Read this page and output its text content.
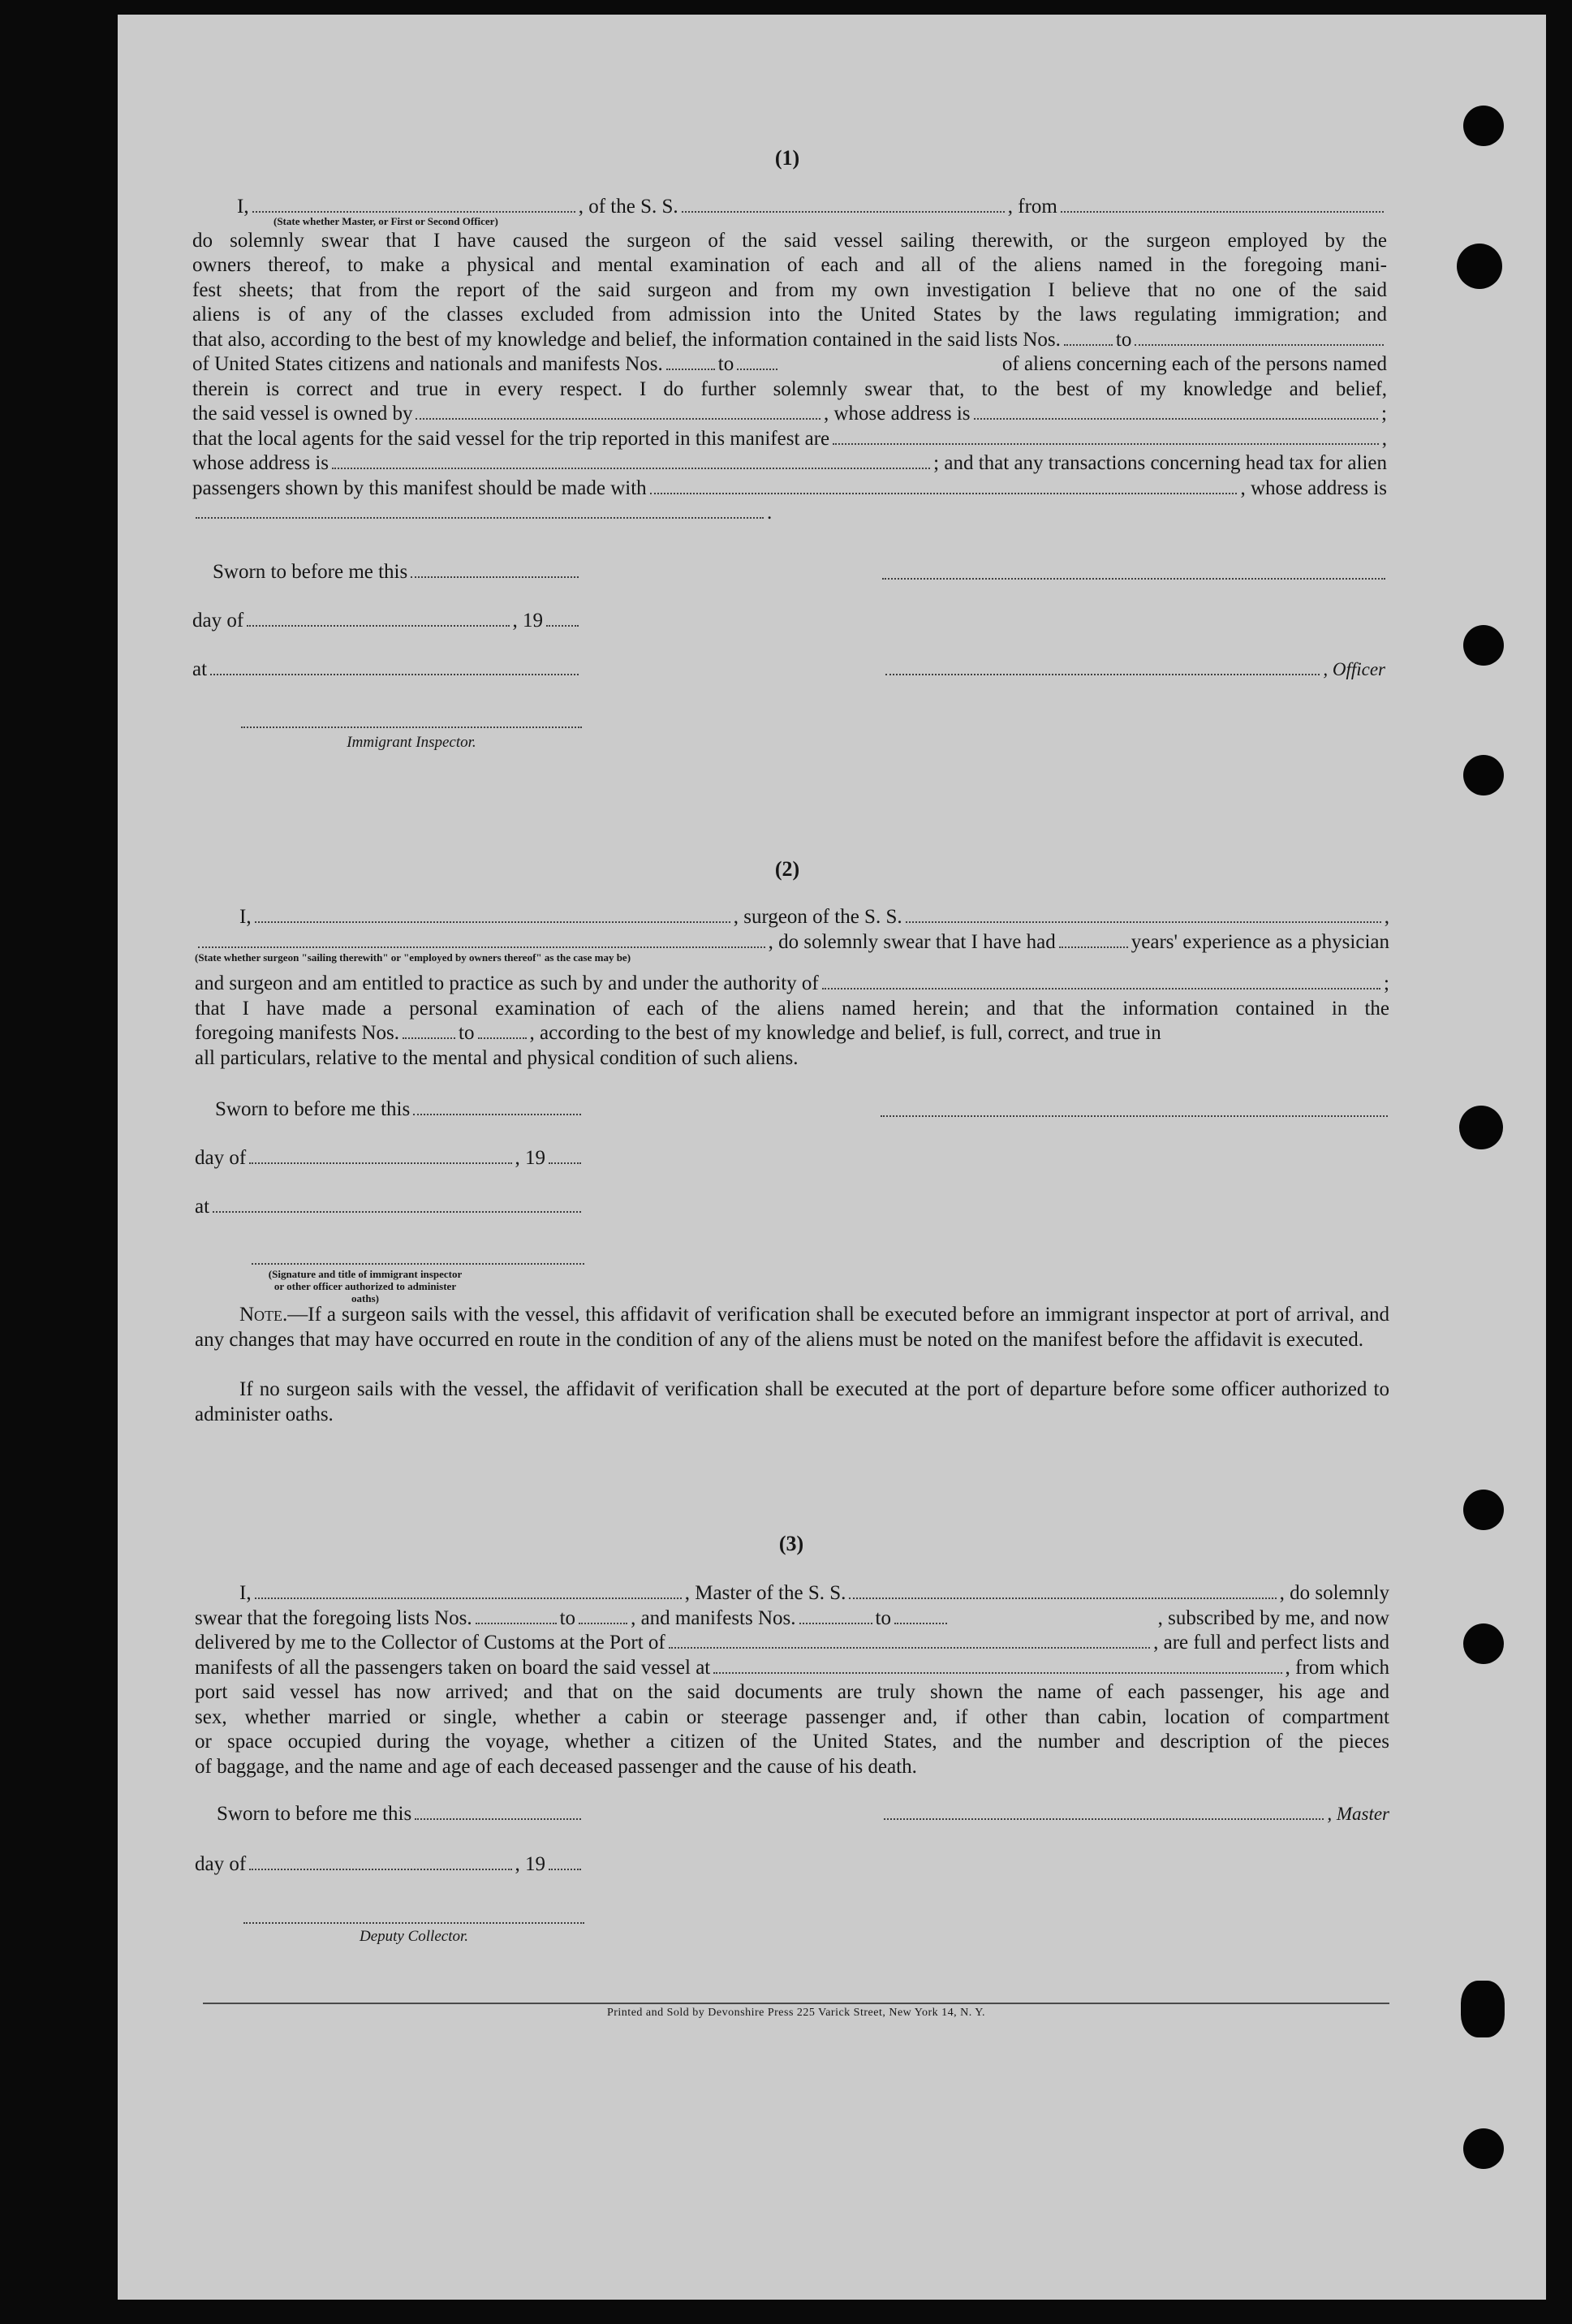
(1)
I,	, of the S. S.	, from
(State whether Master, or First or Second Officer)
do solemnly swear that I have caused the surgeon of the said vessel sailing therewith, or the surgeon employed by the
owners thereof, to make a physical and mental examination of each and all of the aliens named in the foregoing mani-
fest sheets; that from the report of the said surgeon and from my own investigation I believe that no one of the said
aliens is of any of the classes excluded from admission into the United States by the laws regulating immigration; and
that also, according to the best of my knowledge and belief, the information contained in the said lists Nos.	to
of United States citizens and nationals and manifests Nos.	to	of aliens concerning each of the persons named
therein is correct and true in every respect. I do further solemnly swear that, to the best of my knowledge and belief,
the said vessel is owned by	, whose address is	;
that the local agents for the said vessel for the trip reported in this manifest are	,
whose address is	; and that any transactions concerning head tax for alien
passengers shown by this manifest should be made with	, whose address is
.
Sworn to before me this
day of	, 19
at	, Officer
Immigrant Inspector.
(2)
I,	, surgeon of the S. S.	,
, do solemnly swear that I have had	years' experience as a physician
(State whether surgeon "sailing therewith" or "employed by owners thereof" as the case may be)
and surgeon and am entitled to practice as such by and under the authority of	;
that I have made a personal examination of each of the aliens named herein; and that the information contained in the
foregoing manifests Nos.	to	, according to the best of my knowledge and belief, is full, correct, and true in
all particulars, relative to the mental and physical condition of such aliens.
Sworn to before me this
day of	, 19
at
(Signature and title of immigrant inspector or other officer authorized to administer oaths)
Note.—If a surgeon sails with the vessel, this affidavit of verification shall be executed before an immigrant inspector at port of arrival, and any changes that may have occurred en route in the condition of any of the aliens must be noted on the manifest before the affidavit is executed.
If no surgeon sails with the vessel, the affidavit of verification shall be executed at the port of departure before some officer authorized to administer oaths.
(3)
I,	, Master of the S. S.	, do solemnly
swear that the foregoing lists Nos.	to	, and manifests Nos.	to	, subscribed by me, and now
delivered by me to the Collector of Customs at the Port of	, are full and perfect lists and
manifests of all the passengers taken on board the said vessel at	, from which
port said vessel has now arrived; and that on the said documents are truly shown the name of each passenger, his age and
sex, whether married or single, whether a cabin or steerage passenger and, if other than cabin, location of compartment
or space occupied during the voyage, whether a citizen of the United States, and the number and description of the pieces
of baggage, and the name and age of each deceased passenger and the cause of his death.
Sworn to before me this	, Master
day of	, 19
Deputy Collector.
Printed and Sold by Devonshire Press 225 Varick Street, New York 14, N. Y.
